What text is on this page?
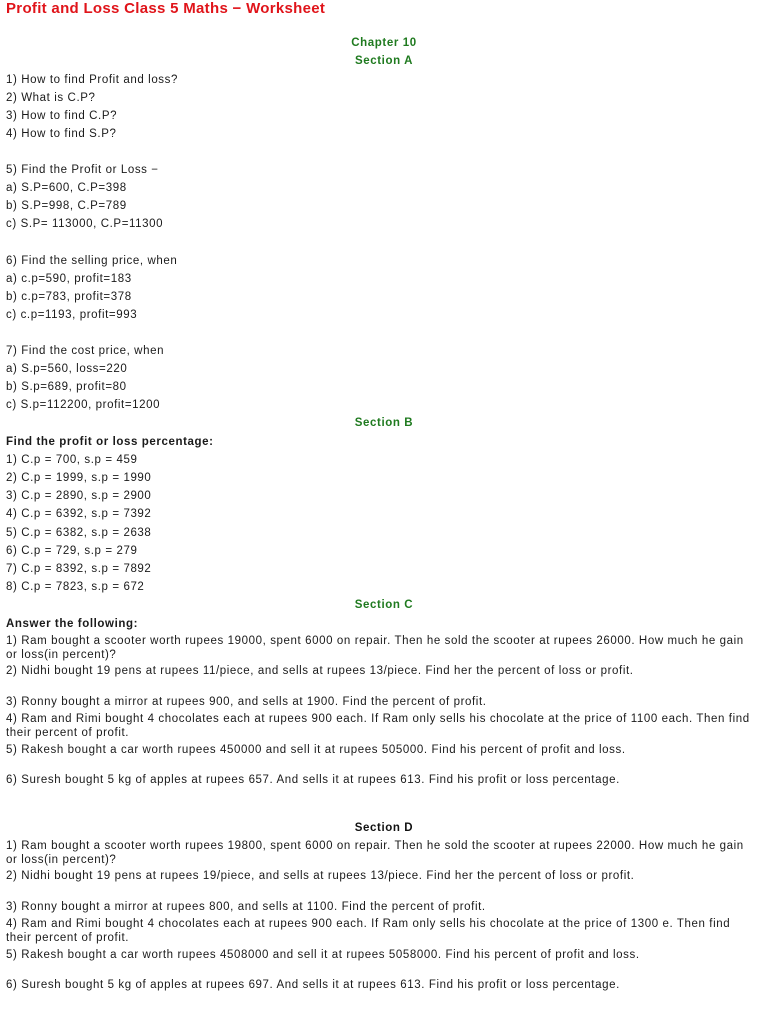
Profit and Loss Class 5 Maths − Worksheet
Chapter 10
Section A
1) How to find Profit and loss?
2) What is C.P?
3) How to find C.P?
4) How to find S.P?
5) Find the Profit or Loss −
a) S.P=600, C.P=398
b) S.P=998, C.P=789
c) S.P= 113000, C.P=11300
6) Find the selling price, when
a) c.p=590, profit=183
b) c.p=783, profit=378
c) c.p=1193, profit=993
7) Find the cost price, when
a) S.p=560, loss=220
b) S.p=689, profit=80
c) S.p=112200, profit=1200
Section B
Find the profit or loss percentage:
1) C.p = 700, s.p = 459
2) C.p = 1999, s.p = 1990
3) C.p = 2890, s.p = 2900
4) C.p = 6392, s.p = 7392
5) C.p = 6382, s.p = 2638
6) C.p = 729, s.p = 279
7) C.p = 8392, s.p = 7892
8) C.p = 7823, s.p = 672
Section C
Answer the following:
1) Ram bought a scooter worth rupees 19000, spent 6000 on repair. Then he sold the scooter at rupees 26000. How much he gain or loss(in percent)?
2) Nidhi bought 19 pens at rupees 11/piece, and sells at rupees 13/piece. Find her the percent of loss or profit.
3) Ronny bought a mirror at rupees 900, and sells at 1900. Find the percent of profit.
4) Ram and Rimi bought 4 chocolates each at rupees 900 each. If Ram only sells his chocolate at the price of 1100 each. Then find their percent of profit.
5) Rakesh bought a car worth rupees 450000 and sell it at rupees 505000. Find his percent of profit and loss.
6) Suresh bought 5 kg of apples at rupees 657. And sells it at rupees 613. Find his profit or loss percentage.
Section D
1) Ram bought a scooter worth rupees 19800, spent 6000 on repair. Then he sold the scooter at rupees 22000. How much he gain or loss(in percent)?
2) Nidhi bought 19 pens at rupees 19/piece, and sells at rupees 13/piece. Find her the percent of loss or profit.
3) Ronny bought a mirror at rupees 800, and sells at 1100. Find the percent of profit.
4) Ram and Rimi bought 4 chocolates each at rupees 900 each. If Ram only sells his chocolate at the price of 1300 e. Then find their percent of profit.
5) Rakesh bought a car worth rupees 4508000 and sell it at rupees 5058000. Find his percent of profit and loss.
6) Suresh bought 5 kg of apples at rupees 697. And sells it at rupees 613. Find his profit or loss percentage.
